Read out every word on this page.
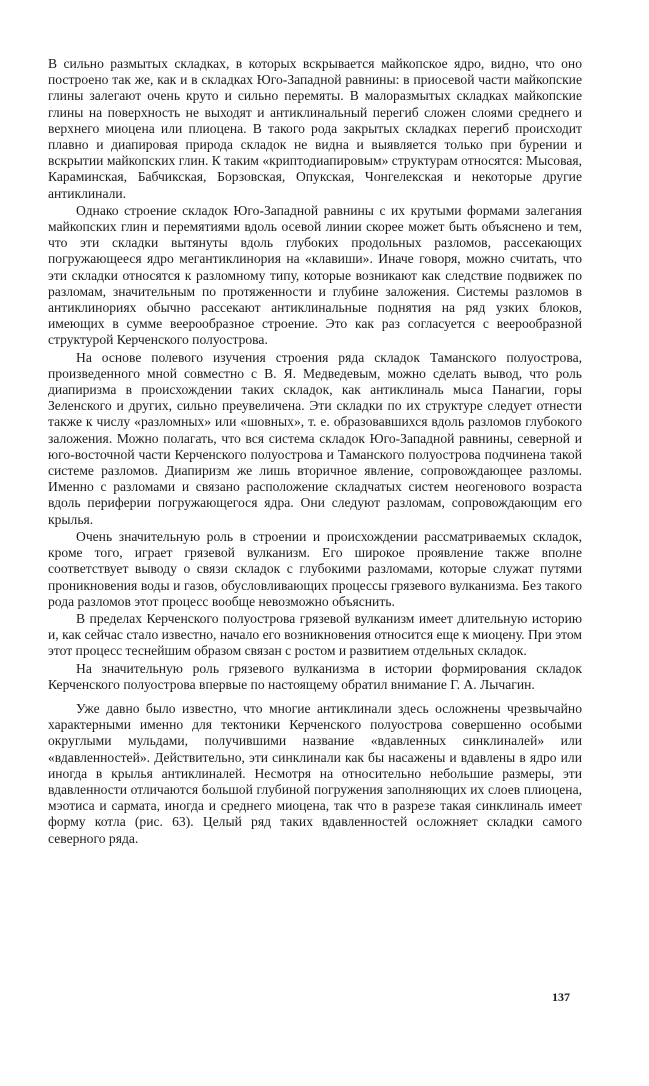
В сильно размытых складках, в которых вскрывается майкопское ядро, видно, что оно построено так же, как и в складках Юго-Западной равнины: в приосевой части майкопские глины залегают очень круто и сильно перемяты. В малоразмытых складках майкопские глины на поверхность не выходят и антиклинальный перегиб сложен слоями среднего и верхнего миоцена или плиоцена. В такого рода закрытых складках перегиб происходит плавно и диапировая природа складок не видна и выявляется только при бурении и вскрытии майкопских глин. К таким «криптодиапировым» структурам относятся: Мысовая, Караминская, Бабчикская, Борзовская, Опукская, Чонгелекская и некоторые другие антиклинали.

Однако строение складок Юго-Западной равнины с их крутыми формами залегания майкопских глин и перемятиями вдоль осевой линии скорее может быть объяснено и тем, что эти складки вытянуты вдоль глубоких продольных разломов, рассекающих погружающееся ядро мегантиклинория на «клавиши». Иначе говоря, можно считать, что эти складки относятся к разломному типу, которые возникают как следствие подвижек по разломам, значительным по протяженности и глубине заложения. Системы разломов в антиклинориях обычно рассекают антиклинальные поднятия на ряд узких блоков, имеющих в сумме веерообразное строение. Это как раз согласуется с веерообразной структурой Керченского полуострова.

На основе полевого изучения строения ряда складок Таманского полуострова, произведенного мной совместно с В. Я. Медведевым, можно сделать вывод, что роль диапиризма в происхождении таких складок, как антиклиналь мыса Панагии, горы Зеленского и других, сильно преувеличена. Эти складки по их структуре следует отнести также к числу «разломных» или «шовных», т. е. образовавшихся вдоль разломов глубокого заложения. Можно полагать, что вся система складок Юго-Западной равнины, северной и юго-восточной части Керченского полуострова и Таманского полуострова подчинена такой системе разломов. Диапиризм же лишь вторичное явление, сопровождающее разломы. Именно с разломами и связано расположение складчатых систем неогенового возраста вдоль периферии погружающегося ядра. Они следуют разломам, сопровождающим его крылья.

Очень значительную роль в строении и происхождении рассматриваемых складок, кроме того, играет грязевой вулканизм. Его широкое проявление также вполне соответствует выводу о связи складок с глубокими разломами, которые служат путями проникновения воды и газов, обусловливающих процессы грязевого вулканизма. Без такого рода разломов этот процесс вообще невозможно объяснить.

В пределах Керченского полуострова грязевой вулканизм имеет длительную историю и, как сейчас стало известно, начало его возникновения относится еще к миоцену. При этом этот процесс теснейшим образом связан с ростом и развитием отдельных складок.

На значительную роль грязевого вулканизма в истории формирования складок Керченского полуострова впервые по настоящему обратил внимание Г. А. Лычагин.

Уже давно было известно, что многие антиклинали здесь осложнены чрезвычайно характерными именно для тектоники Керченского полуострова совершенно особыми округлыми мульдами, получившими название «вдавленных синклиналей» или «вдавленностей». Действительно, эти синклинали как бы насажены и вдавлены в ядро или иногда в крылья антиклиналей. Несмотря на относительно небольшие размеры, эти вдавленности отличаются большой глубиной погружения заполняющих их слоев плиоцена, мэотиса и сармата, иногда и среднего миоцена, так что в разрезе такая синклиналь имеет форму котла (рис. 63). Целый ряд таких вдавленностей осложняет складки самого северного ряда.

137
